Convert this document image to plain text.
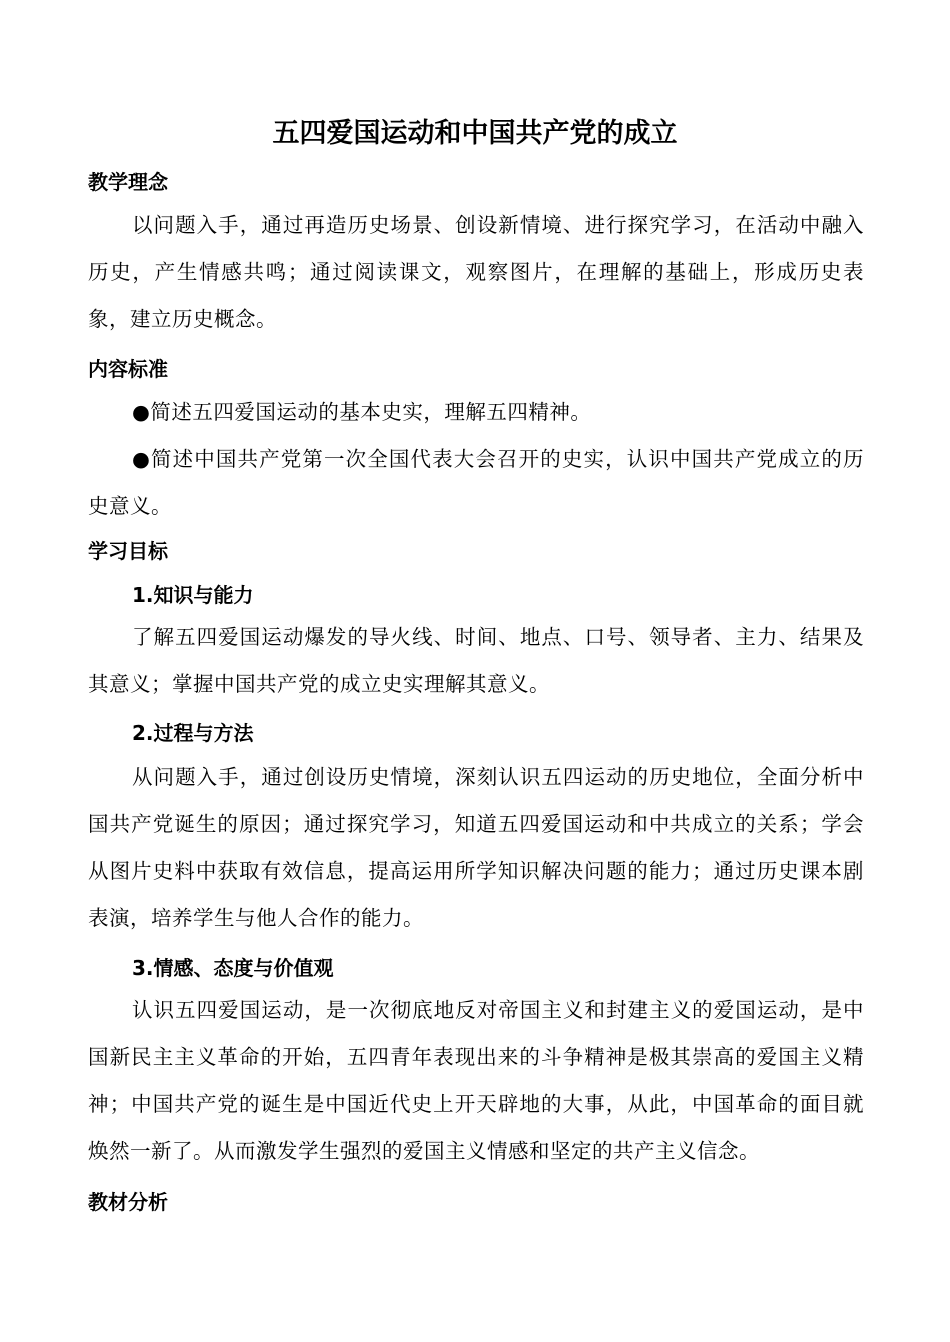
五四爱国运动和中国共产党的成立
教学理念

以问题入手，通过再造历史场景、创设新情境、进行探究学习，在活动中融入历史，产生情感共鸣；通过阅读课文，观察图片，在理解的基础上，形成历史表象，建立历史概念。

内容标准

●简述五四爱国运动的基本史实，理解五四精神。

●简述中国共产党第一次全国代表大会召开的史实，认识中国共产党成立的历史意义。

学习目标
1.知识与能力

了解五四爱国运动爆发的导火线、时间、地点、口号、领导者、主力、结果及其意义；掌握中国共产党的成立史实理解其意义。

2.过程与方法

从问题入手，通过创设历史情境，深刻认识五四运动的历史地位，全面分析中国共产党诞生的原因；通过探究学习，知道五四爱国运动和中共成立的关系；学会从图片史料中获取有效信息，提高运用所学知识解决问题的能力；通过历史课本剧表演，培养学生与他人合作的能力。

3.情感、态度与价值观

认识五四爱国运动，是一次彻底地反对帝国主义和封建主义的爱国运动，是中国新民主主义革命的开始，五四青年表现出来的斗争精神是极其崇高的爱国主义精神；中国共产党的诞生是中国近代史上开天辟地的大事，从此，中国革命的面目就焕然一新了。从而激发学生强烈的爱国主义情感和坚定的共产主义信念。

教材分析
